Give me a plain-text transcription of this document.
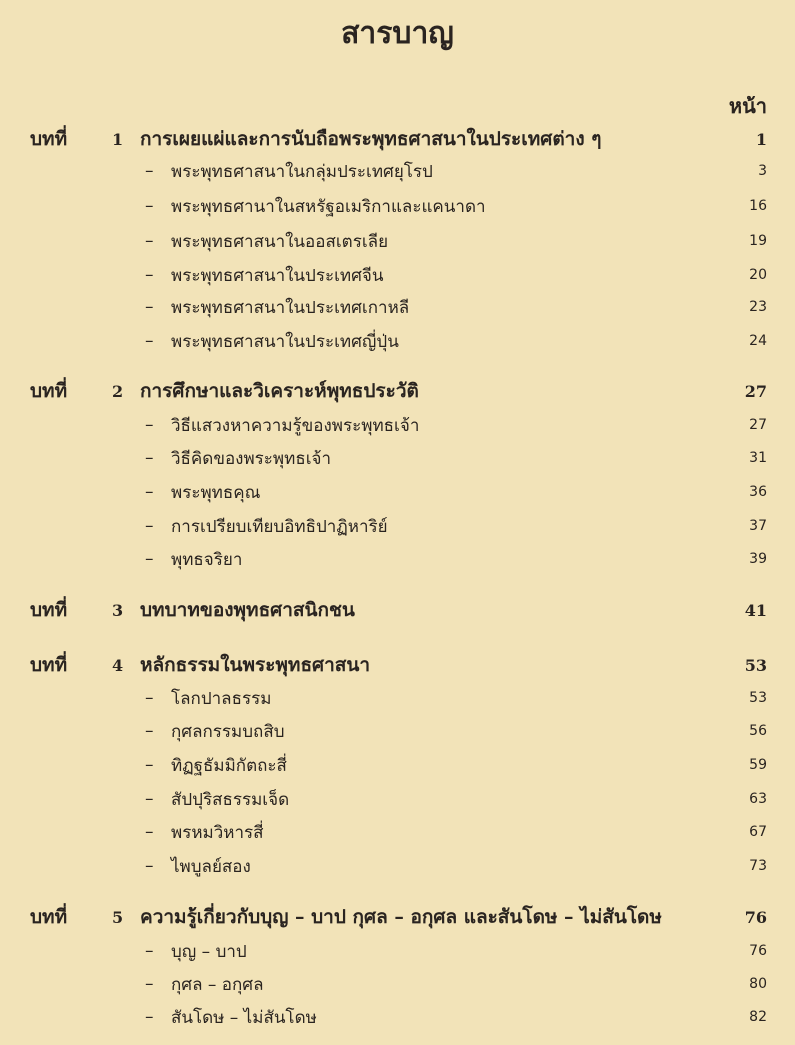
สารบาญ
หน้า
บทที่	1 การเผยแผ่และการนับถือพระพุทธศาสนาในประเทศต่าง ๆ	1
–	พระพุทธศาสนาในกลุ่มประเทศยุโรป	3
–	พระพุทธศานาในสหรัฐอเมริกาและแคนาดา	16
–	พระพุทธศาสนาในออสเตรเลีย	19
–	พระพุทธศาสนาในประเทศจีน	20
–	พระพุทธศาสนาในประเทศเกาหลี	23
–	พระพุทธศาสนาในประเทศญี่ปุ่น	24
บทที่	2 การศึกษาและวิเคราะห์พุทธประวัติ	27
–	วิธีแสวงหาความรู้ของพระพุทธเจ้า	27
–	วิธีคิดของพระพุทธเจ้า	31
–	พระพุทธคุณ	36
–	การเปรียบเทียบอิทธิปาฏิหาริย์	37
–	พุทธจริยา	39
บทที่	3 บทบาทของพุทธศาสนิกชน	41
บทที่	4 หลักธรรมในพระพุทธศาสนา	53
–	โลกปาลธรรม	53
–	กุศลกรรมบถสิบ	56
–	ทิฏฐธัมมิกัตถะสี่	59
–	สัปปุริสธรรมเจ็ด	63
–	พรหมวิหารสี่	67
–	ไพบูลย์สอง	73
บทที่	5 ความรู้เกี่ยวกับบุญ – บาป กุศล – อกุศล และสันโดษ – ไม่สันโดษ	76
–	บุญ – บาป	76
–	กุศล – อกุศล	80
–	สันโดษ – ไม่สันโดษ	82
